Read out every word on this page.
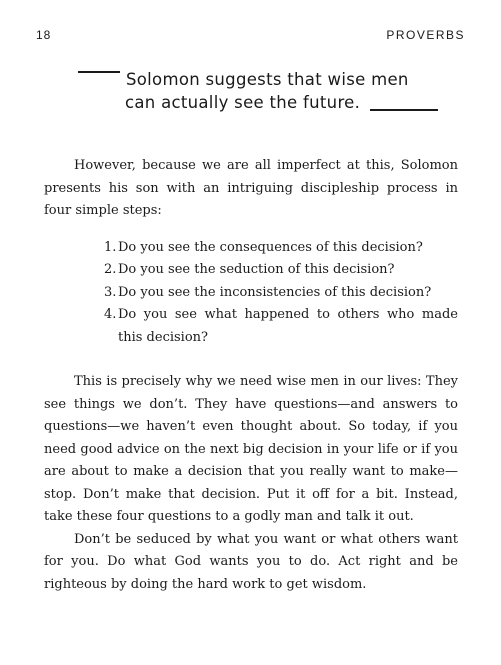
18	PROVERBS
Solomon suggests that wise men
can actually see the future.

However, because we are all imperfect at this, Solomon presents his son with an intriguing discipleship process in four simple steps:

1. Do you see the consequences of this decision?
2. Do you see the seduction of this decision?
3. Do you see the inconsistencies of this decision?
4. Do you see what happened to others who made this decision?

This is precisely why we need wise men in our lives: They see things we don’t. They have questions—and answers to questions—we haven’t even thought about. So today, if you need good advice on the next big decision in your life or if you are about to make a decision that you really want to make—stop. Don’t make that decision. Put it off for a bit. Instead, take these four questions to a godly man and talk it out.

Don’t be seduced by what you want or what others want for you. Do what God wants you to do. Act right and be righteous by doing the hard work to get wisdom.
